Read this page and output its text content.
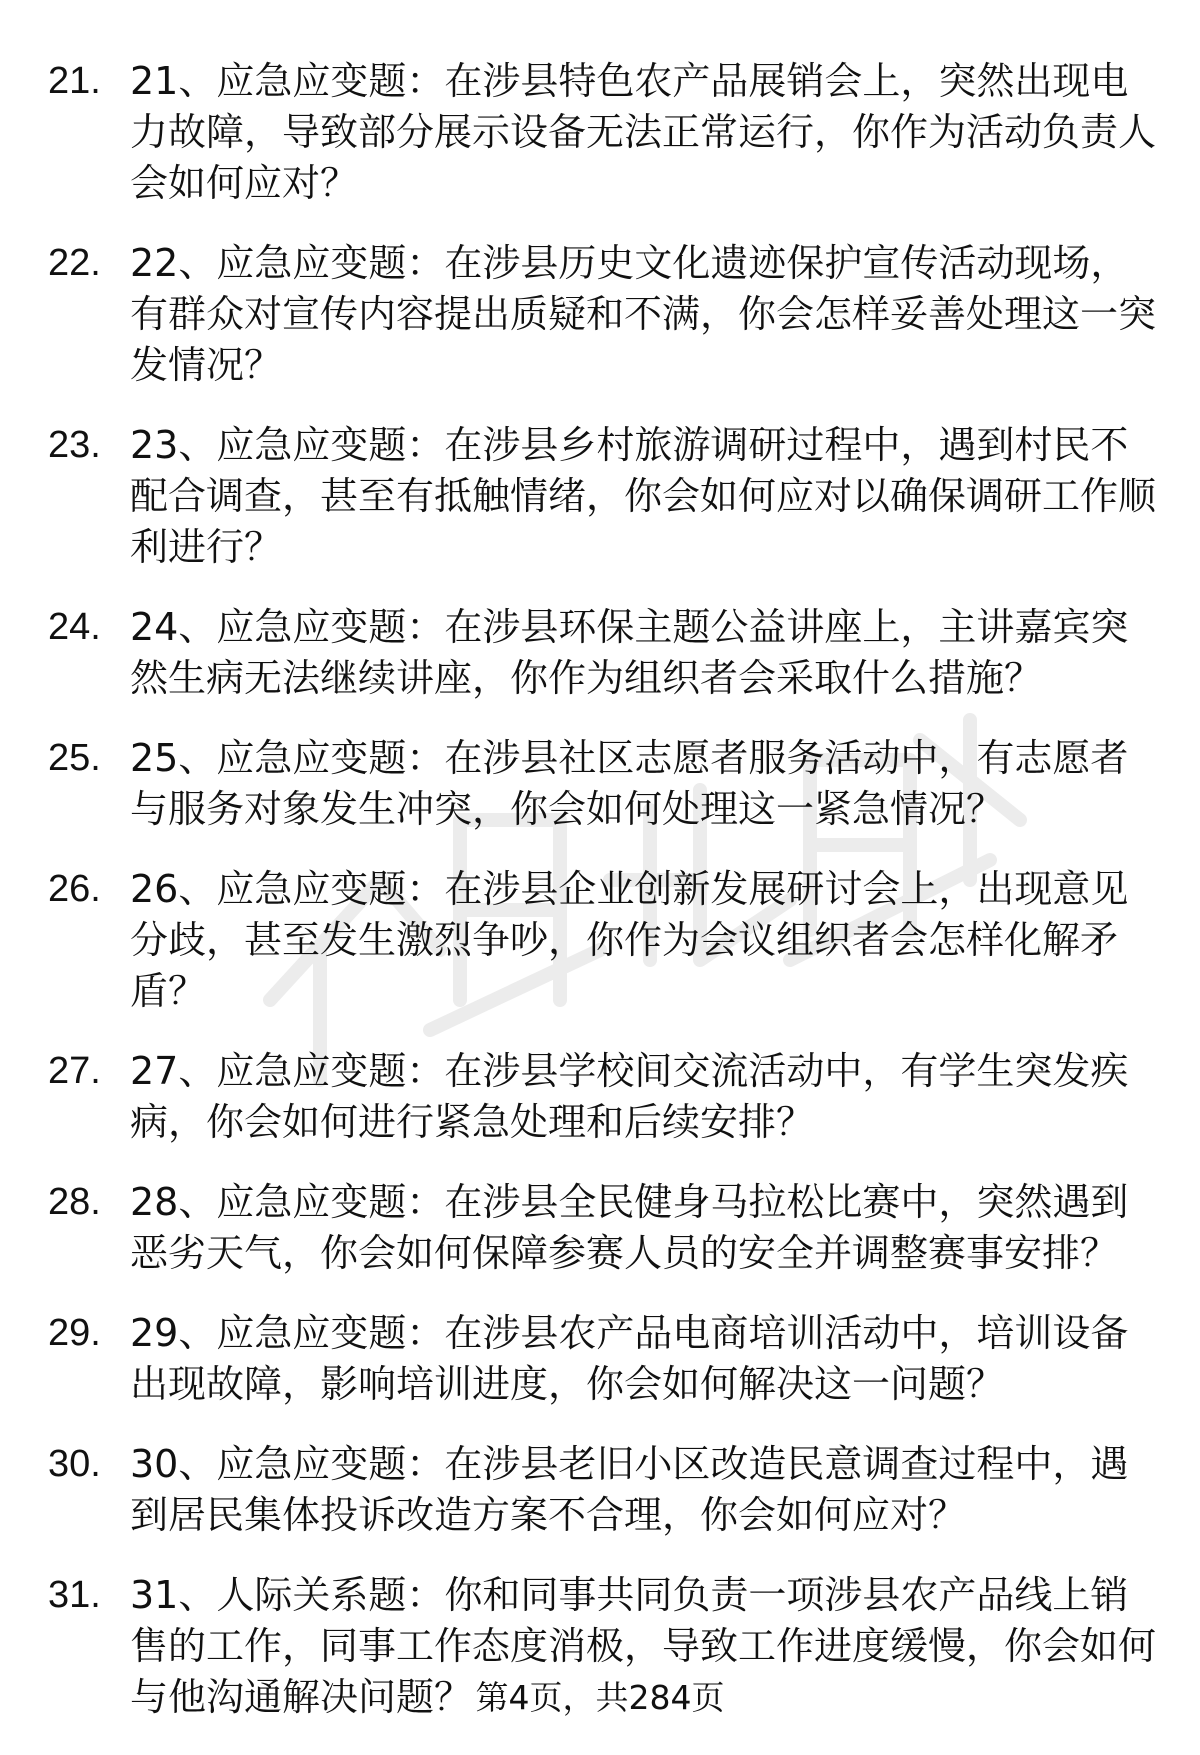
21. 21、应急应变题：在涉县特色农产品展销会上，突然出现电力故障，导致部分展示设备无法正常运行，你作为活动负责人会如何应对？
22. 22、应急应变题：在涉县历史文化遗迹保护宣传活动现场，有群众对宣传内容提出质疑和不满，你会怎样妥善处理这一突发情况？
23. 23、应急应变题：在涉县乡村旅游调研过程中，遇到村民不配合调查，甚至有抵触情绪，你会如何应对以确保调研工作顺利进行？
24. 24、应急应变题：在涉县环保主题公益讲座上，主讲嘉宾突然生病无法继续讲座，你作为组织者会采取什么措施？
25. 25、应急应变题：在涉县社区志愿者服务活动中，有志愿者与服务对象发生冲突，你会如何处理这一紧急情况？
26. 26、应急应变题：在涉县企业创新发展研讨会上，出现意见分歧，甚至发生激烈争吵，你作为会议组织者会怎样化解矛盾？
27. 27、应急应变题：在涉县学校间交流活动中，有学生突发疾病，你会如何进行紧急处理和后续安排？
28. 28、应急应变题：在涉县全民健身马拉松比赛中，突然遇到恶劣天气，你会如何保障参赛人员的安全并调整赛事安排？
29. 29、应急应变题：在涉县农产品电商培训活动中，培训设备出现故障，影响培训进度，你会如何解决这一问题？
30. 30、应急应变题：在涉县老旧小区改造民意调查过程中，遇到居民集体投诉改造方案不合理，你会如何应对？
31. 31、人际关系题：你和同事共同负责一项涉县农产品线上销售的工作，同事工作态度消极，导致工作进度缓慢，你会如何与他沟通解决问题？ 第4页，共284页
